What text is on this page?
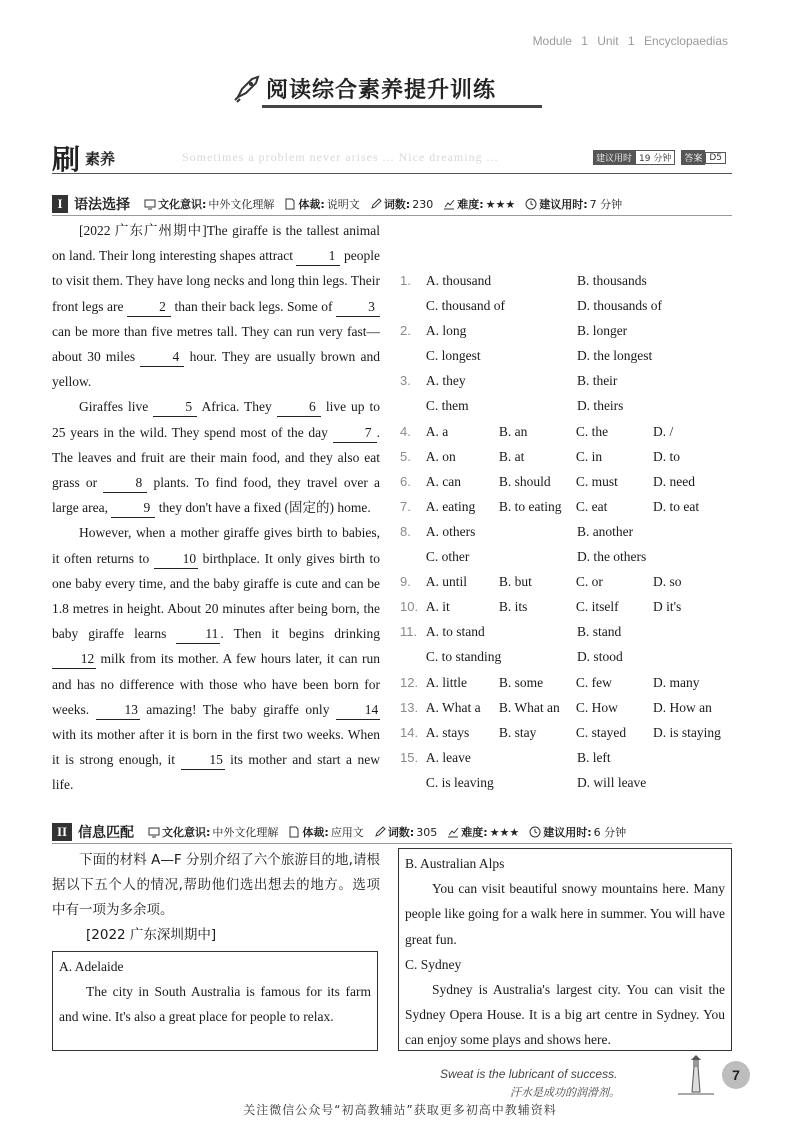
Module 1 Unit 1 Encyclopaedias
阅读综合素养提升训练
刷 素养	Sometimes a problem never arises ... Nice dreaming ...	建议用时 19 分钟	答案 D5
I 语法选择	文化意识: 中外文化理解 体裁: 说明文 词数: 230 难度: ★★★ 建议用时: 7 分钟

[2022 广东广州期中]The giraffe is the tallest animal on land. Their long interesting shapes attract	1 people to visit them. They have long necks and long thin legs. Their front legs are	2 than their back legs. Some of	3 can be more than five metres tall. They can run very fast—about 30 miles	4 hour. They are usually brown and yellow.

Giraffes live	5 Africa. They	6 live up to 25 years in the wild. They spend most of the day	7 . The leaves and fruit are their main food, and they also eat grass or	8 plants. To find food, they travel over a large area,	9 they don't have a fixed (固定的) home.

However, when a mother giraffe gives birth to babies, it often returns to 10 birthplace. It only gives birth to one baby every time, and the baby giraffe is cute and can be 1.8 metres in height. About 20 minutes after being born, the baby giraffe learns	11 . Then it begins drinking 12 milk from its mother. A few hours later, it can run and has no difference with those who have been born for weeks.	13 amazing! The baby giraffe only	14 with its mother after it is born in the first two weeks. When it is strong enough, it	15 its mother and start a new life.

1.	A. thousand	B. thousands
C. thousand of	D. thousands of
2.	A. long	B. longer
C. longest	D. the longest
3.	A. they	B. their
C. them	D. theirs
4.	A. a	B. an	C. the	D. /
5.	A. on	B. at	C. in	D. to
6.	A. can	B. should	C. must	D. need
7.	A. eating	B. to eating	C. eat	D. to eat
8.	A. others	B. another
C. other	D. the others
9.	A. until	B. but	C. or	D. so
10. A. it	B. its	C. itself	D it's
11. A. to stand	B. stand
C. to standing	D. stood
12. A. little	B. some	C. few	D. many
13. A. What a	B. What an	C. How	D. How an
14. A. stays	B. stay	C. stayed	D. is staying
15. A. leave	B. left
C. is leaving	D. will leave
II 信息匹配	文化意识: 中外文化理解 体裁: 应用文 词数: 305 难度: ★★★ 建议用时: 6 分钟
下面的材料 A—F 分别介绍了六个旅游目的地,请根据以下五个人的情况,帮助他们选出想去的地方。选项中有一项为多余项。
[2022 广东深圳期中]
A. Adelaide

The city in South Australia is famous for its farm and wine. It's also a great place for people to relax.

B. Australian Alps

You can visit beautiful snowy mountains here. Many people like going for a walk here in summer. You will have great fun.

C. Sydney

Sydney is Australia's largest city. You can visit the Sydney Opera House. It is a big art centre in Sydney. You can enjoy some plays and shows here.

Sweat is the lubricant of success.
汗水是成功的润滑剂。
7
关注微信公众号“初高教辅站”获取更多初高中教辅资料
